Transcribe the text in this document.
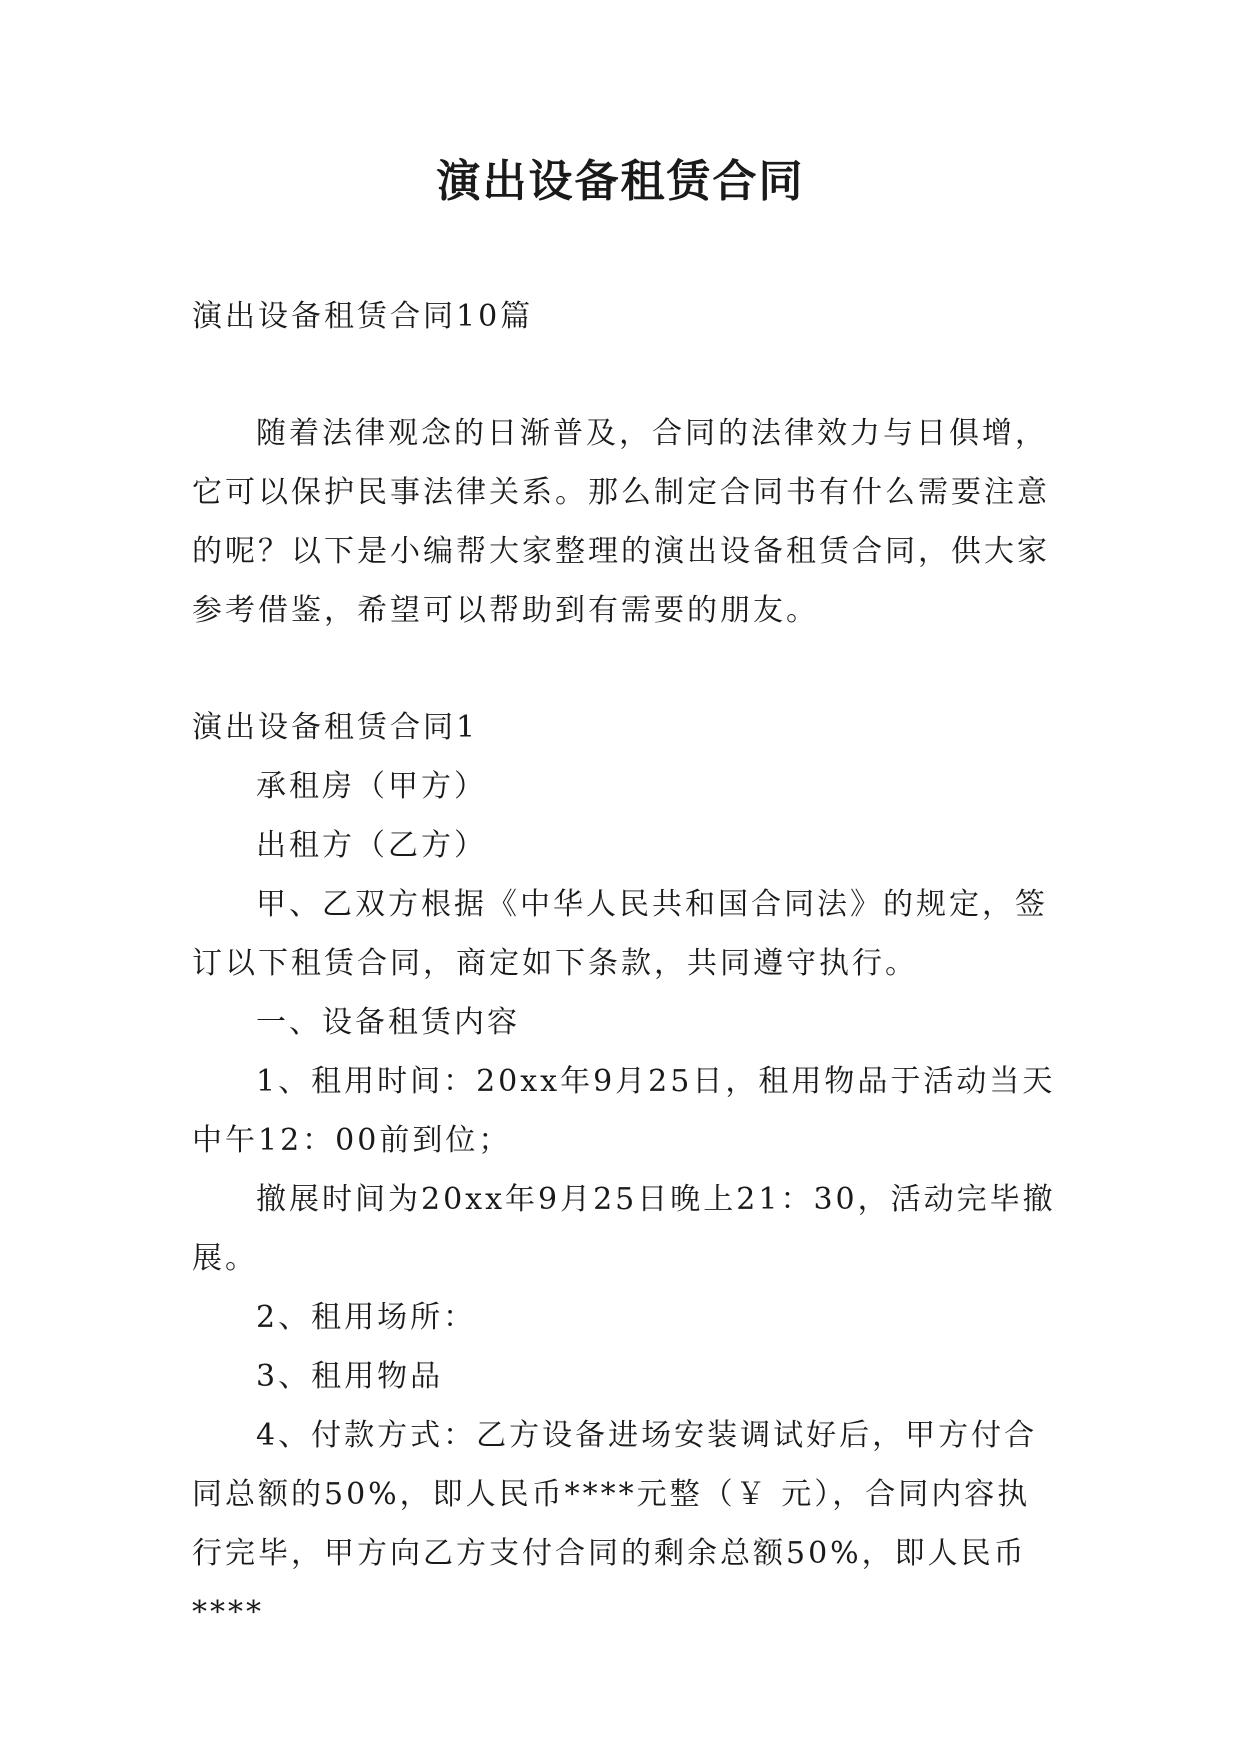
演出设备租赁合同

演出设备租赁合同10篇

随着法律观念的日渐普及，合同的法律效力与日俱增，它可以保护民事法律关系。那么制定合同书有什么需要注意的呢？以下是小编帮大家整理的演出设备租赁合同，供大家参考借鉴，希望可以帮助到有需要的朋友。

演出设备租赁合同1

承租房（甲方）

出租方（乙方）

甲、乙双方根据《中华人民共和国合同法》的规定，签订以下租赁合同，商定如下条款，共同遵守执行。

一、设备租赁内容

1、租用时间：20xx年9月25日，租用物品于活动当天中午12：00前到位；

撤展时间为20xx年9月25日晚上21：30，活动完毕撤展。

2、租用场所：

3、租用物品

4、付款方式：乙方设备进场安装调试好后，甲方付合同总额的50%，即人民币****元整（￥ 元），合同内容执行完毕，甲方向乙方支付合同的剩余总额50%，即人民币****
